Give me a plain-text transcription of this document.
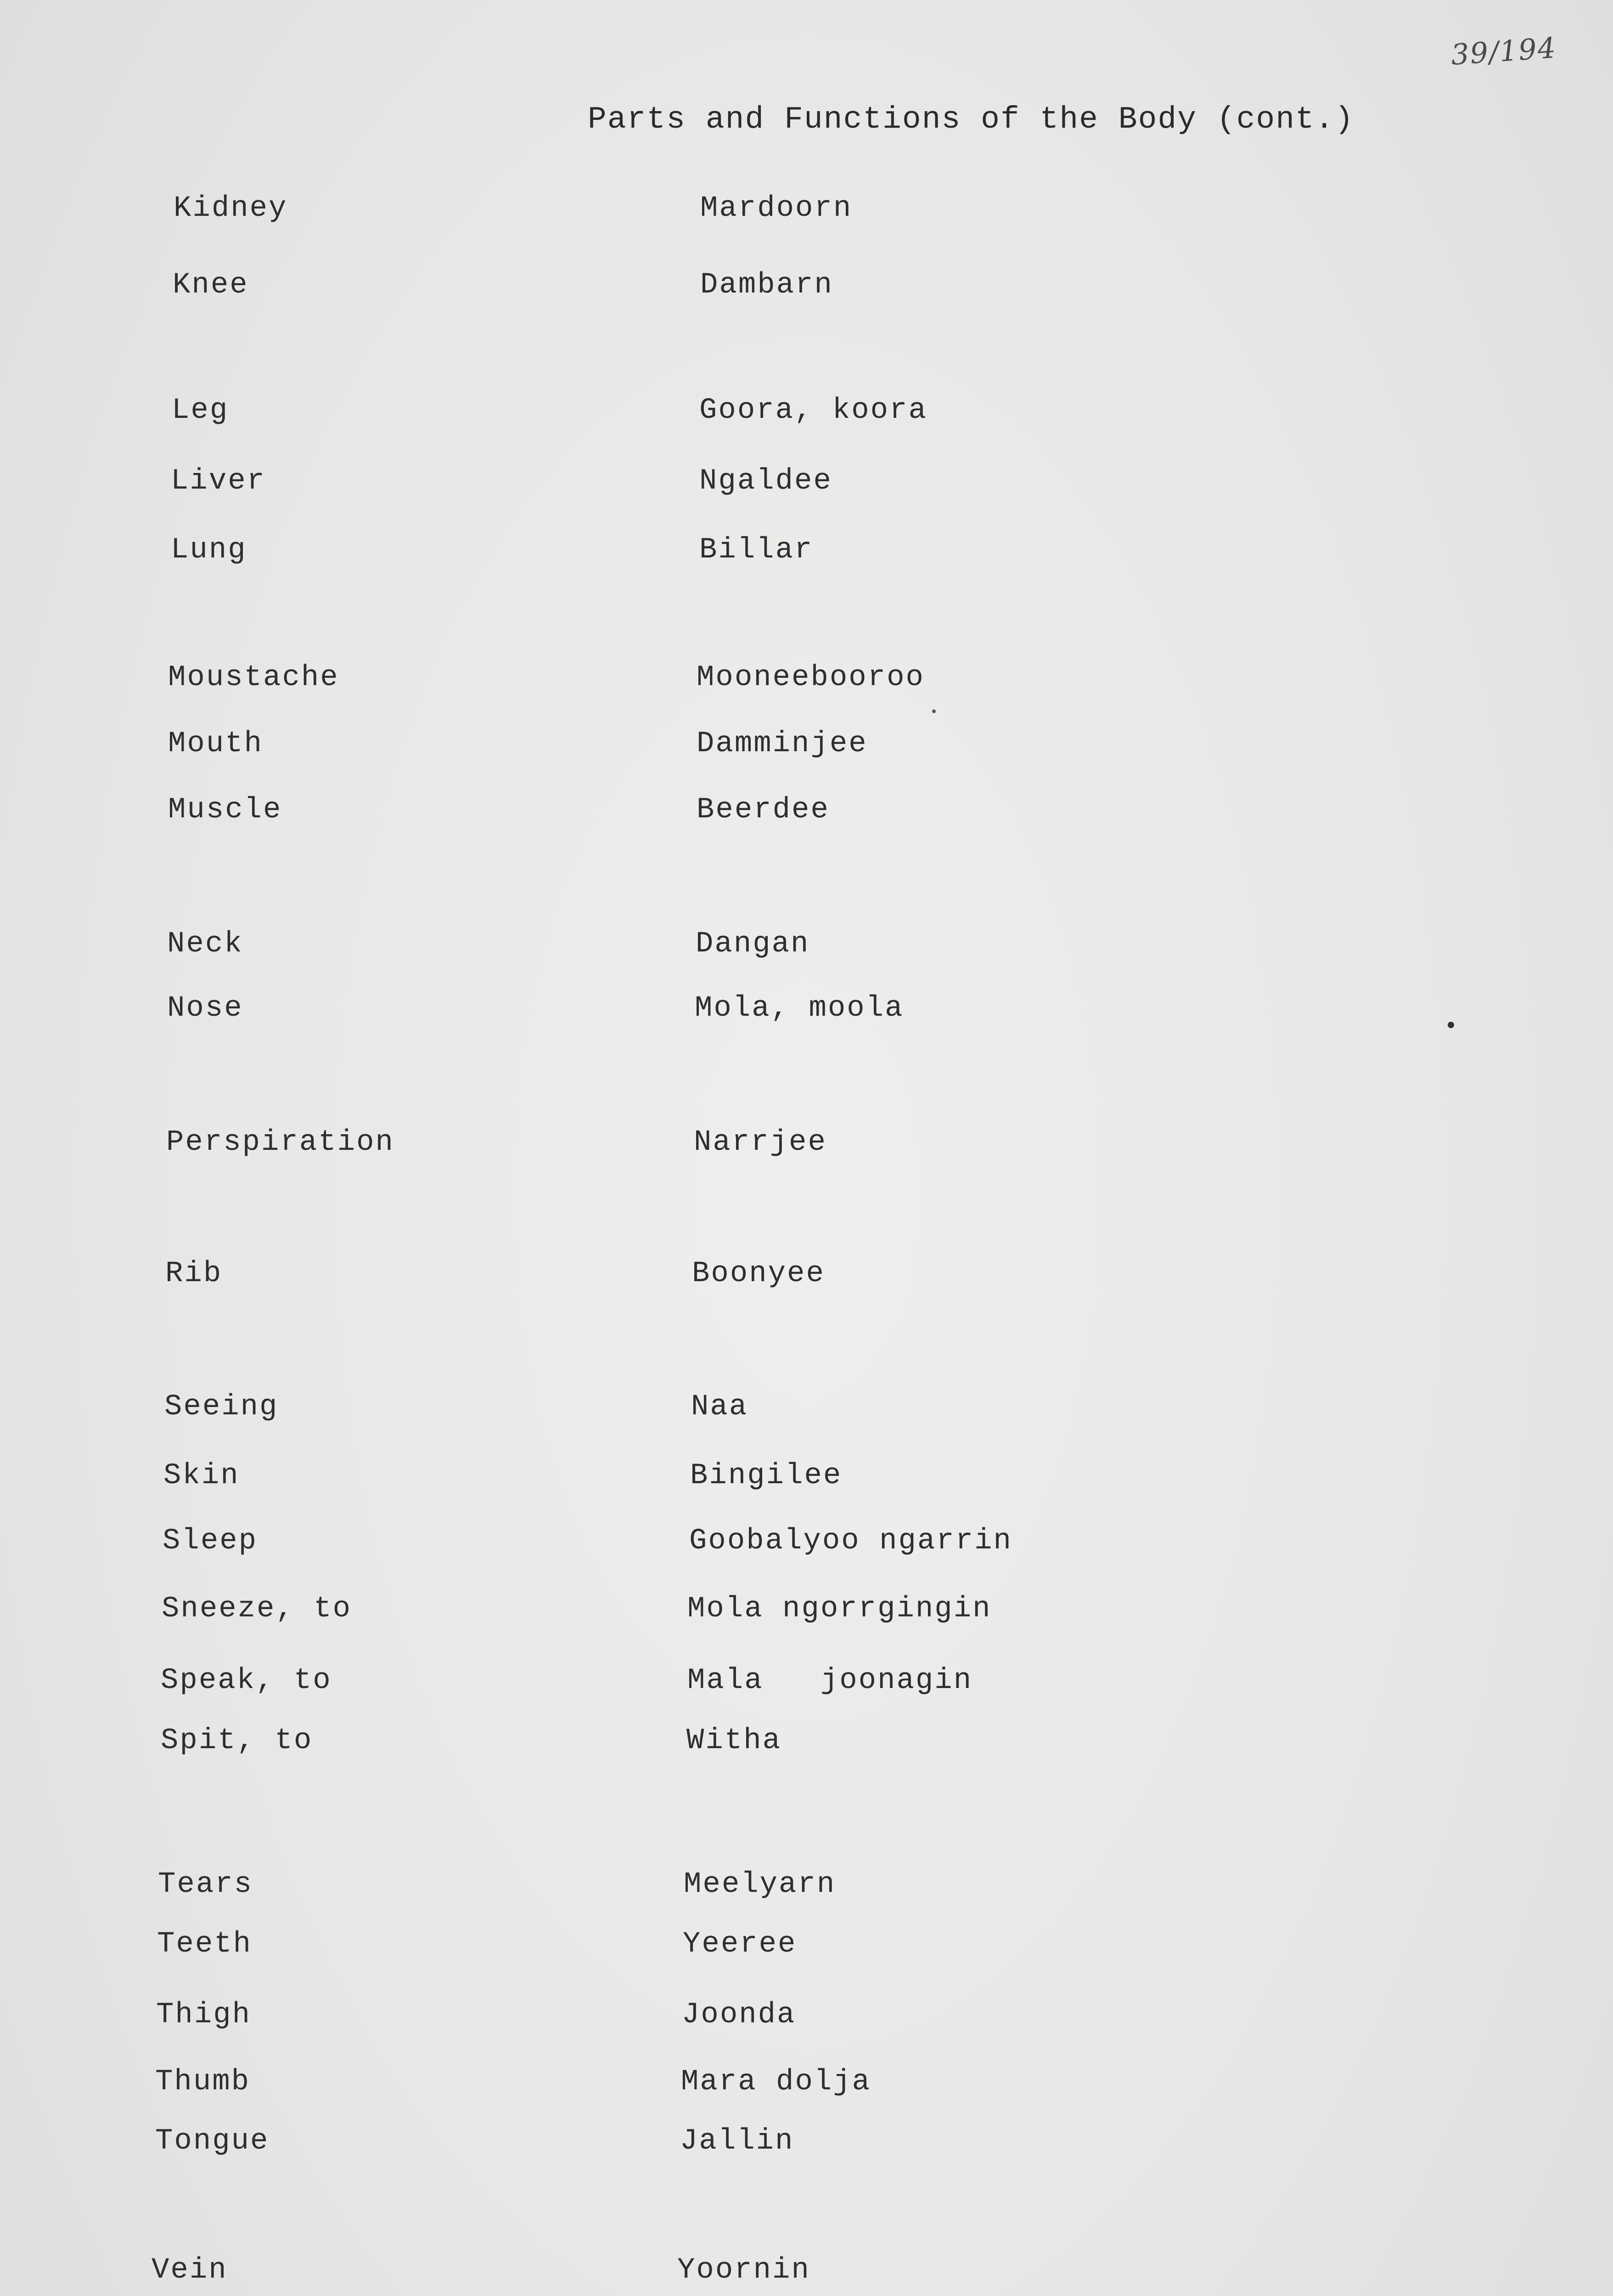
39/194
Parts and Functions of the Body (cont.)
Kidney	Mardoorn
Knee	Dambarn
Leg	Goora, koora
Liver	Ngaldee
Lung	Billar
Moustache	Mooneebooroo
Mouth	Damminjee
Muscle	Beerdee
Neck	Dangan
Nose	Mola, moola
Perspiration	Narrjee
Rib	Boonyee
Seeing	Naa
Skin	Bingilee
Sleep	Goobalyoo ngarrin
Sneeze, to	Mola ngorrgingin
Speak, to	Mala   joonagin
Spit, to	Witha
Tears	Meelyarn
Teeth	Yeeree
Thigh	Joonda
Thumb	Mara dolja
Tongue	Jallin
Vein	Yoornin
